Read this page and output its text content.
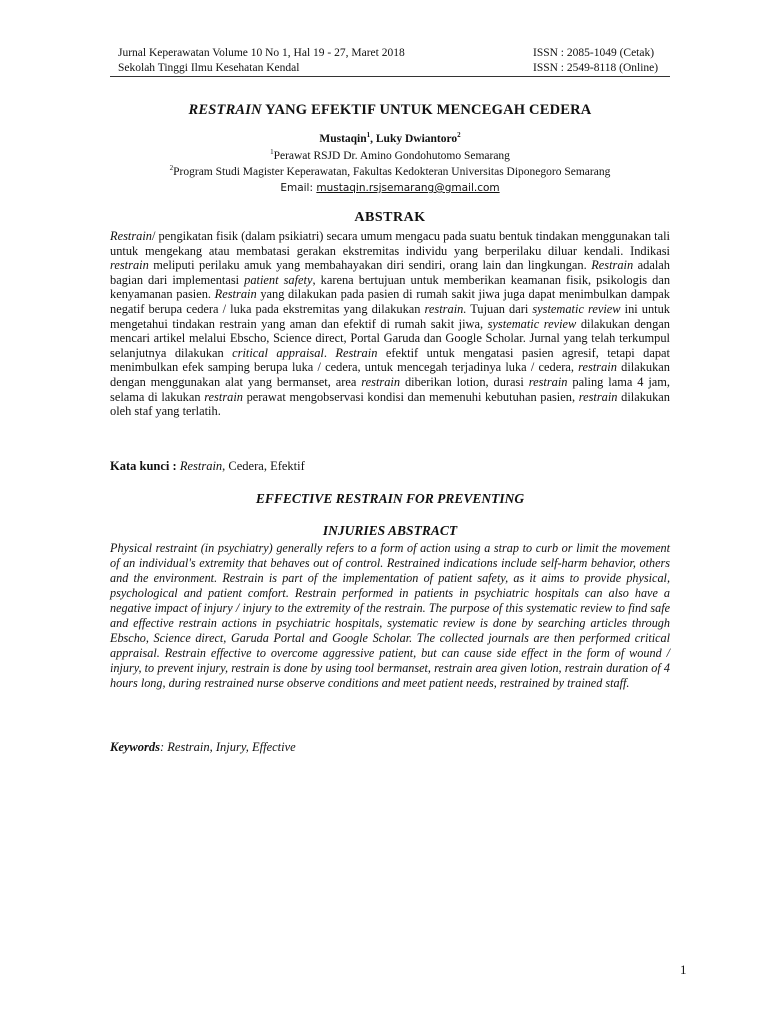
Jurnal Keperawatan Volume 10 No 1, Hal 19 - 27, Maret 2018	ISSN : 2085-1049 (Cetak)
Sekolah Tinggi Ilmu Kesehatan Kendal	ISSN : 2549-8118 (Online)
RESTRAIN YANG EFEKTIF UNTUK MENCEGAH CEDERA
Mustaqin$^1$, Luky Dwiantoro$^2$
$^1$Perawat RSJD Dr. Amino Gondohutomo Semarang
$^2$Program Studi Magister Keperawatan, Fakultas Kedokteran Universitas Diponegoro Semarang
Email: mustaqin.rsjsemarang@gmail.com
ABSTRAK
Restrain/ pengikatan fisik (dalam psikiatri) secara umum mengacu pada suatu bentuk tindakan menggunakan tali untuk mengekang atau membatasi gerakan ekstremitas individu yang berperilaku diluar kendali. Indikasi restrain meliputi perilaku amuk yang membahayakan diri sendiri, orang lain dan lingkungan. Restrain adalah bagian dari implementasi patient safety, karena bertujuan untuk memberikan keamanan fisik, psikologis dan kenyamanan pasien. Restrain yang dilakukan pada pasien di rumah sakit jiwa juga dapat menimbulkan dampak negatif berupa cedera / luka pada ekstremitas yang dilakukan restrain. Tujuan dari systematic review ini untuk mengetahui tindakan restrain yang aman dan efektif di rumah sakit jiwa, systematic review dilakukan dengan mencari artikel melalui Ebscho, Science direct, Portal Garuda dan Google Scholar. Jurnal yang telah terkumpul selanjutnya dilakukan critical appraisal. Restrain efektif untuk mengatasi pasien agresif, tetapi dapat menimbulkan efek samping berupa luka / cedera, untuk mencegah terjadinya luka / cedera, restrain dilakukan dengan menggunakan alat yang bermanset, area restrain diberikan lotion, durasi restrain paling lama 4 jam, selama di lakukan restrain perawat mengobservasi kondisi dan memenuhi kebutuhan pasien, restrain dilakukan oleh staf yang terlatih.
Kata kunci : Restrain, Cedera, Efektif
EFFECTIVE RESTRAIN FOR PREVENTING
INJURIES ABSTRACT
Physical restraint (in psychiatry) generally refers to a form of action using a strap to curb or limit the movement of an individual's extremity that behaves out of control. Restrained indications include self-harm behavior, others and the environment. Restrain is part of the implementation of patient safety, as it aims to provide physical, psychological and patient comfort. Restrain performed in patients in psychiatric hospitals can also have a negative impact of injury / injury to the extremity of the restrain. The purpose of this systematic review to find safe and effective restrain actions in psychiatric hospitals, systematic review is done by searching articles through Ebscho, Science direct, Garuda Portal and Google Scholar. The collected journals are then performed critical appraisal. Restrain effective to overcome aggressive patient, but can cause side effect in the form of wound / injury, to prevent injury, restrain is done by using tool bermanset, restrain area given lotion, restrain duration of 4 hours long, during restrained nurse observe conditions and meet patient needs, restrained by trained staff.
Keywords: Restrain, Injury, Effective
1
